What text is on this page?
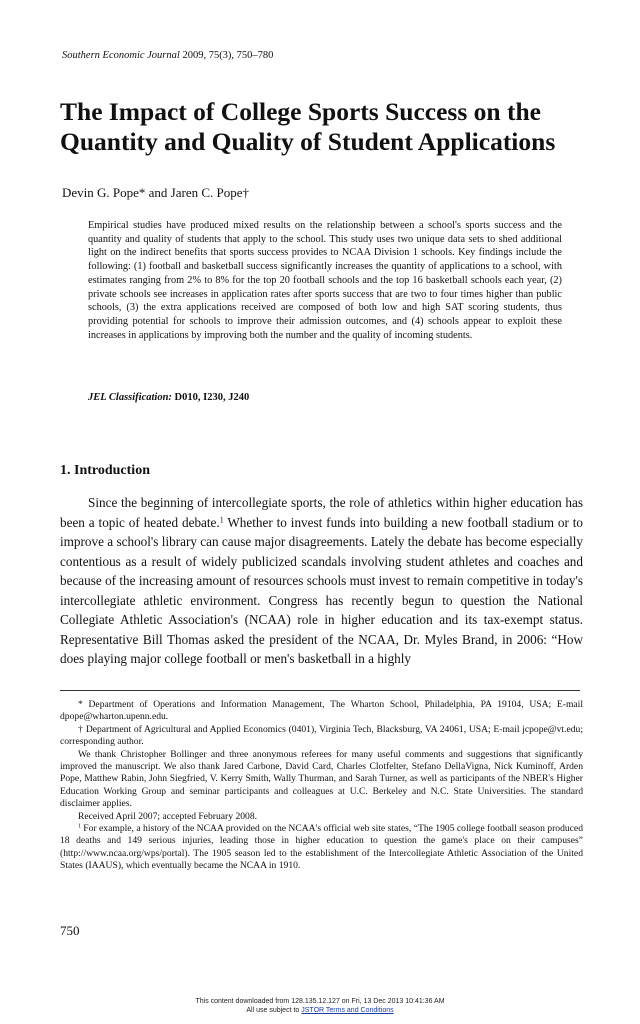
Southern Economic Journal 2009, 75(3), 750–780
The Impact of College Sports Success on the
Quantity and Quality of Student Applications
Devin G. Pope* and Jaren C. Pope†

Empirical studies have produced mixed results on the relationship between a school's sports success and the quantity and quality of students that apply to the school. This study uses two unique data sets to shed additional light on the indirect benefits that sports success provides to NCAA Division 1 schools. Key findings include the following: (1) football and basketball success significantly increases the quantity of applications to a school, with estimates ranging from 2% to 8% for the top 20 football schools and the top 16 basketball schools each year, (2) private schools see increases in application rates after sports success that are two to four times higher than public schools, (3) the extra applications received are composed of both low and high SAT scoring students, thus providing potential for schools to improve their admission outcomes, and (4) schools appear to exploit these increases in applications by improving both the number and the quality of incoming students.

JEL Classification: D010, I230, J240
1. Introduction

Since the beginning of intercollegiate sports, the role of athletics within higher education has been a topic of heated debate.$^1$ Whether to invest funds into building a new football stadium or to improve a school's library can cause major disagreements. Lately the debate has become especially contentious as a result of widely publicized scandals involving student athletes and coaches and because of the increasing amount of resources schools must invest to remain competitive in today's intercollegiate athletic environment. Congress has recently begun to question the National Collegiate Athletic Association's (NCAA) role in higher education and its tax-exempt status. Representative Bill Thomas asked the president of the NCAA, Dr. Myles Brand, in 2006: “How does playing major college football or men's basketball in a highly

* Department of Operations and Information Management, The Wharton School, Philadelphia, PA 19104, USA; E-mail dpope@wharton.upenn.edu.

† Department of Agricultural and Applied Economics (0401), Virginia Tech, Blacksburg, VA 24061, USA; E-mail jcpope@vt.edu; corresponding author.

We thank Christopher Bollinger and three anonymous referees for many useful comments and suggestions that significantly improved the manuscript. We also thank Jared Carbone, David Card, Charles Clotfelter, Stefano DellaVigna, Nick Kuminoff, Arden Pope, Matthew Rabin, John Siegfried, V. Kerry Smith, Wally Thurman, and Sarah Turner, as well as participants of the NBER's Higher Education Working Group and seminar participants and colleagues at U.C. Berkeley and N.C. State Universities. The standard disclaimer applies.

Received April 2007; accepted February 2008.

$^1$ For example, a history of the NCAA provided on the NCAA's official web site states, “The 1905 college football season produced 18 deaths and 149 serious injuries, leading those in higher education to question the game's place on their campuses” (http://www.ncaa.org/wps/portal). The 1905 season led to the establishment of the Intercollegiate Athletic Association of the United States (IAAUS), which eventually became the NCAA in 1910.

750
This content downloaded from 128.135.12.127 on Fri, 13 Dec 2013 10:41:36 AM
All use subject to JSTOR Terms and Conditions
